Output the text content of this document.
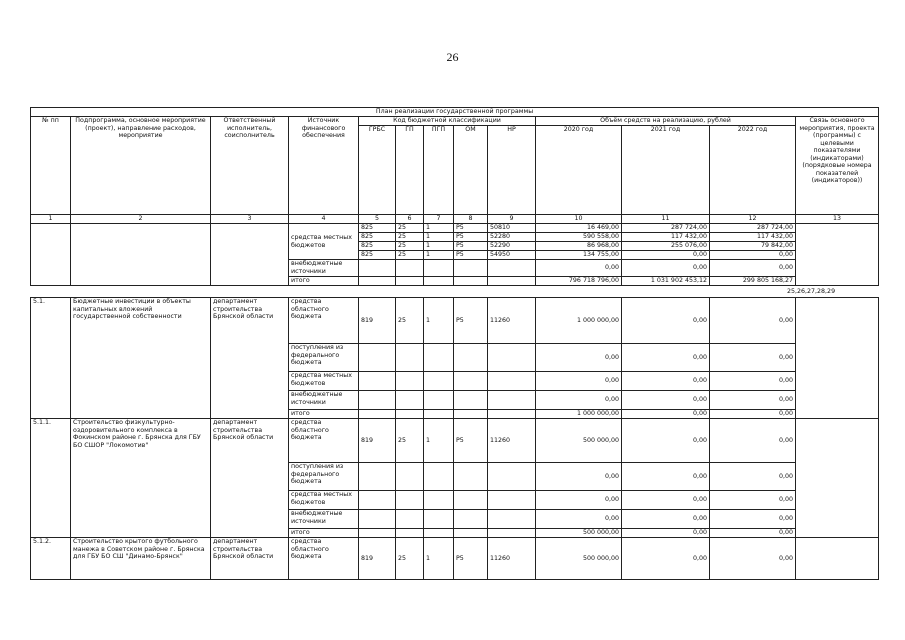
26
План реализации государственной программы												
№ пп	Подпрограмма, основное мероприятие (проект), направление расходов, мероприятие	Ответственный исполнитель, соисполнитель	Источник финансового обеспечения	Код бюджетной классификации					Объём средств на реализацию, рублей			Связь основного мероприятия, проекта (программы) с целевыми показателями (индикаторами) (порядковые номера показателей (индикаторов))
				ГРБС	ГП	ПГП	ОМ	НР	2020 год	2021 год	2022 год	
1	2	3	4	5	6	7	8	9	10	11	12	13
			средства местных бюджетов	825	25	1	P5	50810	16 469,00	287 724,00	287 724,00	
				825	25	1	P5	52280	590 558,00	117 432,00	117 432,00	
				825	25	1	P5	52290	86 968,00	255 076,00	79 842,00	
				825	25	1	P5	54950	134 755,00	0,00	0,00	
			внебюджетные источники						0,00	0,00	0,00	
			итого						796 718 796,00	1 031 902 453,12	299 805 168,27	
5.1.	Бюджетные инвестиции в объекты капитальных вложений государственной собственности	департамент строительства Брянской области	средства областного бюджета	819	25	1	P5	11260	1 000 000,00	0,00	0,00	
			поступления из федерального бюджета						0,00	0,00	0,00	
			средства местных бюджетов						0,00	0,00	0,00	
			внебюджетные источники						0,00	0,00	0,00	
			итого						1 000 000,00	0,00	0,00	
5.1.1.	Строительство физкультурно-оздоровительного комплекса в Фокинском районе г. Брянска для ГБУ БО СШОР "Локомотив"	департамент строительства Брянской области	средства областного бюджета	819	25	1	P5	11260	500 000,00	0,00	0,00	
			поступления из федерального бюджета						0,00	0,00	0,00	
			средства местных бюджетов						0,00	0,00	0,00	
			внебюджетные источники						0,00	0,00	0,00	
			итого						500 000,00	0,00	0,00	
5.1.2.	Строительство крытого футбольного манежа в Советском районе г. Брянска для ГБУ БО СШ "Динамо-Брянск"	департамент строительства Брянской области	средства областного бюджета	819	25	1	P5	11260	500 000,00	0,00	0,00	
25,26,27,28,29
